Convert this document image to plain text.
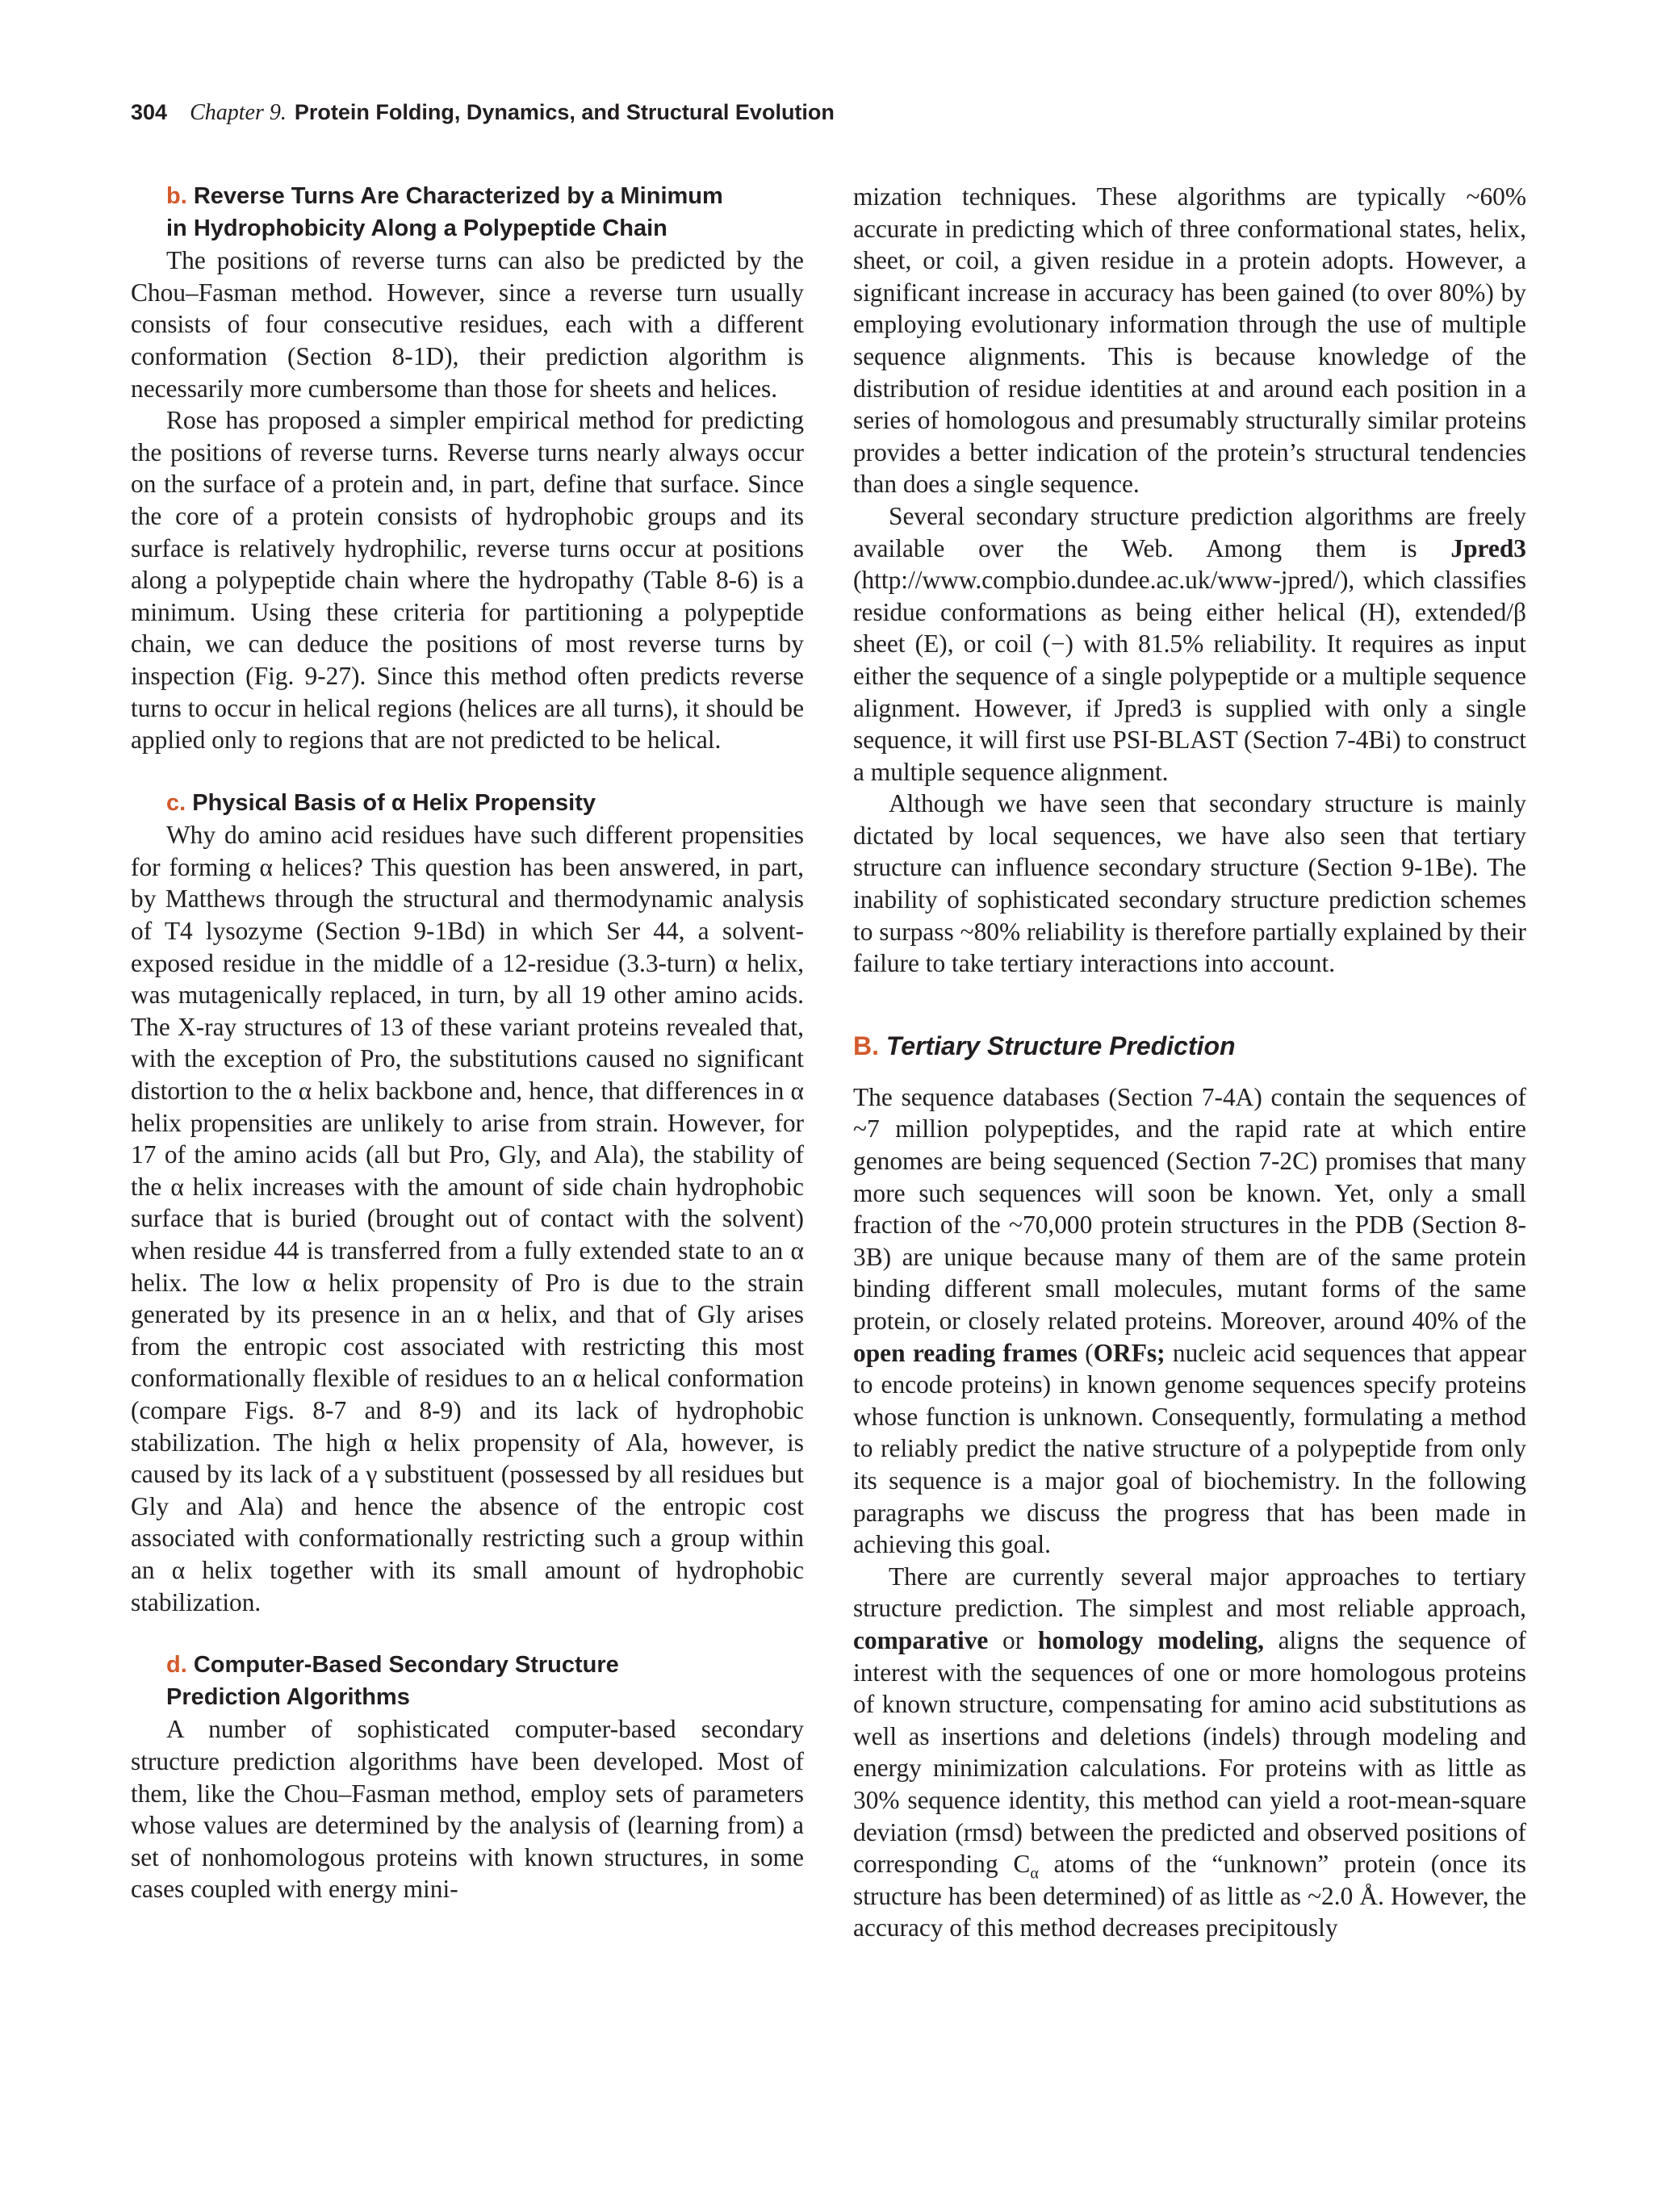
304 Chapter 9. Protein Folding, Dynamics, and Structural Evolution
b. Reverse Turns Are Characterized by a Minimum
in Hydrophobicity Along a Polypeptide Chain

The positions of reverse turns can also be predicted by the Chou–Fasman method. However, since a reverse turn usually consists of four consecutive residues, each with a different conformation (Section 8-1D), their prediction algorithm is necessarily more cumbersome than those for sheets and helices.

Rose has proposed a simpler empirical method for predicting the positions of reverse turns. Reverse turns nearly always occur on the surface of a protein and, in part, define that surface. Since the core of a protein consists of hydrophobic groups and its surface is relatively hydrophilic, reverse turns occur at positions along a polypeptide chain where the hydropathy (Table 8-6) is a minimum. Using these criteria for partitioning a polypeptide chain, we can deduce the positions of most reverse turns by inspection (Fig. 9-27). Since this method often predicts reverse turns to occur in helical regions (helices are all turns), it should be applied only to regions that are not predicted to be helical.

c. Physical Basis of α Helix Propensity

Why do amino acid residues have such different propensities for forming α helices? This question has been answered, in part, by Matthews through the structural and thermodynamic analysis of T4 lysozyme (Section 9-1Bd) in which Ser 44, a solvent-exposed residue in the middle of a 12-residue (3.3-turn) α helix, was mutagenically replaced, in turn, by all 19 other amino acids. The X-ray structures of 13 of these variant proteins revealed that, with the exception of Pro, the substitutions caused no significant distortion to the α helix backbone and, hence, that differences in α helix propensities are unlikely to arise from strain. However, for 17 of the amino acids (all but Pro, Gly, and Ala), the stability of the α helix increases with the amount of side chain hydrophobic surface that is buried (brought out of contact with the solvent) when residue 44 is transferred from a fully extended state to an α helix. The low α helix propensity of Pro is due to the strain generated by its presence in an α helix, and that of Gly arises from the entropic cost associated with restricting this most conformationally flexible of residues to an α helical conformation (compare Figs. 8-7 and 8-9) and its lack of hydrophobic stabilization. The high α helix propensity of Ala, however, is caused by its lack of a γ substituent (possessed by all residues but Gly and Ala) and hence the absence of the entropic cost associated with conformationally restricting such a group within an α helix together with its small amount of hydrophobic stabilization.

d. Computer-Based Secondary Structure
Prediction Algorithms

A number of sophisticated computer-based secondary structure prediction algorithms have been developed. Most of them, like the Chou–Fasman method, employ sets of parameters whose values are determined by the analysis of (learning from) a set of nonhomologous proteins with known structures, in some cases coupled with energy mini-

mization techniques. These algorithms are typically ~60% accurate in predicting which of three conformational states, helix, sheet, or coil, a given residue in a protein adopts. However, a significant increase in accuracy has been gained (to over 80%) by employing evolutionary information through the use of multiple sequence alignments. This is because knowledge of the distribution of residue identities at and around each position in a series of homologous and presumably structurally similar proteins provides a better indication of the protein’s structural tendencies than does a single sequence.

Several secondary structure prediction algorithms are freely available over the Web. Among them is Jpred3 (http://www.compbio.dundee.ac.uk/www-jpred/), which classifies residue conformations as being either helical (H), extended/β sheet (E), or coil (−) with 81.5% reliability. It requires as input either the sequence of a single polypeptide or a multiple sequence alignment. However, if Jpred3 is supplied with only a single sequence, it will first use PSI-BLAST (Section 7-4Bi) to construct a multiple sequence alignment.

Although we have seen that secondary structure is mainly dictated by local sequences, we have also seen that tertiary structure can influence secondary structure (Section 9-1Be). The inability of sophisticated secondary structure prediction schemes to surpass ~80% reliability is therefore partially explained by their failure to take tertiary interactions into account.

B. Tertiary Structure Prediction

The sequence databases (Section 7-4A) contain the sequences of ~7 million polypeptides, and the rapid rate at which entire genomes are being sequenced (Section 7-2C) promises that many more such sequences will soon be known. Yet, only a small fraction of the ~70,000 protein structures in the PDB (Section 8-3B) are unique because many of them are of the same protein binding different small molecules, mutant forms of the same protein, or closely related proteins. Moreover, around 40% of the open reading frames (ORFs; nucleic acid sequences that appear to encode proteins) in known genome sequences specify proteins whose function is unknown. Consequently, formulating a method to reliably predict the native structure of a polypeptide from only its sequence is a major goal of biochemistry. In the following paragraphs we discuss the progress that has been made in achieving this goal.

There are currently several major approaches to tertiary structure prediction. The simplest and most reliable approach, comparative or homology modeling, aligns the sequence of interest with the sequences of one or more homologous proteins of known structure, compensating for amino acid substitutions as well as insertions and deletions (indels) through modeling and energy minimization calculations. For proteins with as little as 30% sequence identity, this method can yield a root-mean-square deviation (rmsd) between the predicted and observed positions of corresponding $C_\alpha$ atoms of the “unknown” protein (once its structure has been determined) of as little as ~2.0 Å. However, the accuracy of this method decreases precipitously
